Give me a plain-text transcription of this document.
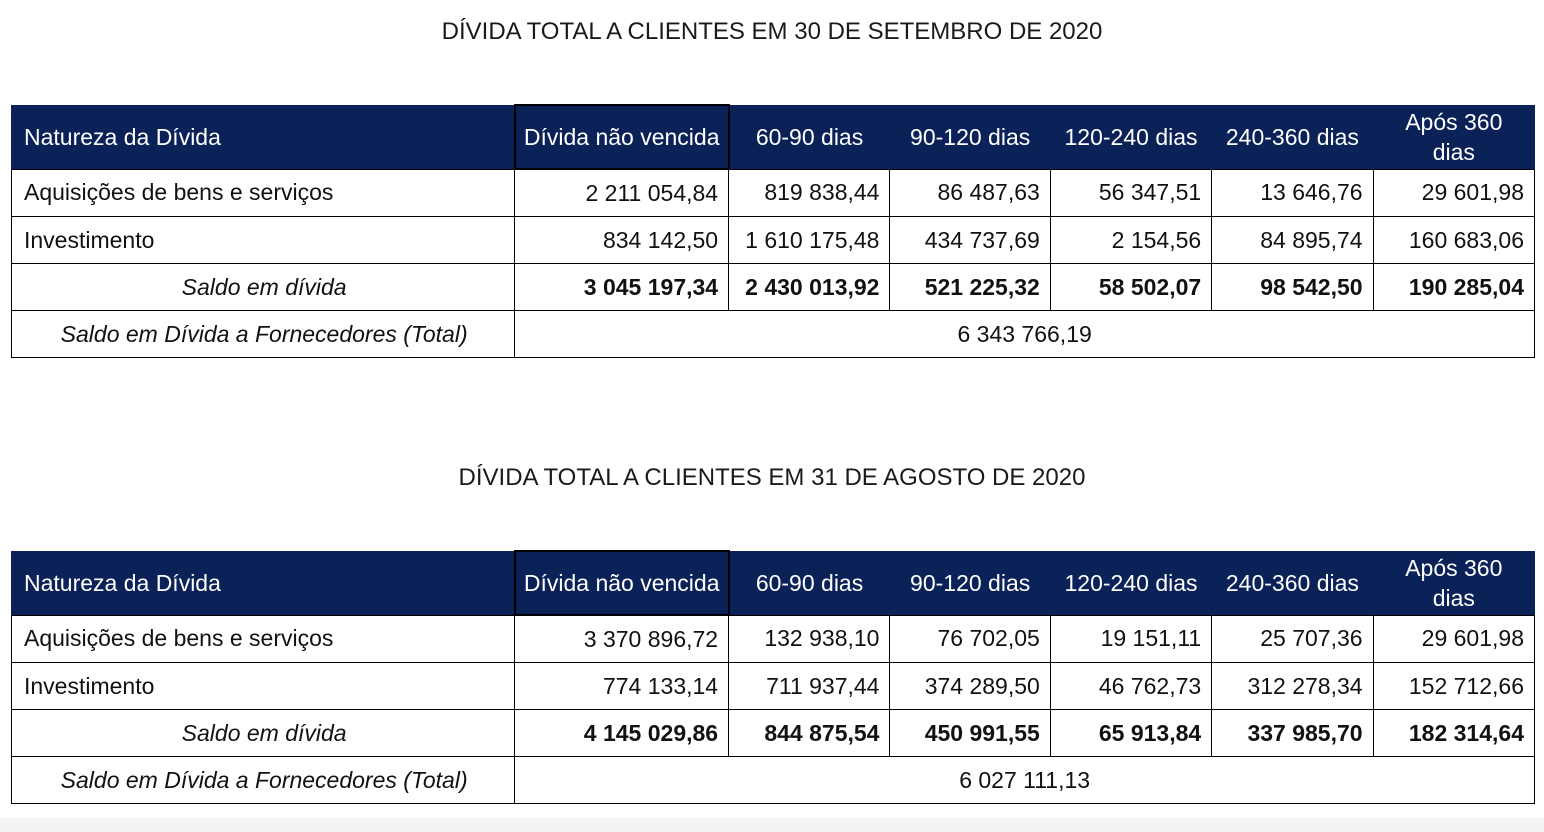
DÍVIDA TOTAL A CLIENTES EM 30 DE SETEMBRO DE 2020
Natureza da Dívida	Dívida não vencida	60-90 dias	90-120 dias	120-240 dias	240-360 dias	Após 360 dias
Aquisições de bens e serviços	2 211 054,84	819 838,44	86 487,63	56 347,51	13 646,76	29 601,98
Investimento	834 142,50	1 610 175,48	434 737,69	2 154,56	84 895,74	160 683,06
Saldo em dívida	3 045 197,34	2 430 013,92	521 225,32	58 502,07	98 542,50	190 285,04
Saldo em Dívida a Fornecedores (Total)	6 343 766,19					
DÍVIDA TOTAL A CLIENTES EM 31 DE AGOSTO DE 2020
Natureza da Dívida	Dívida não vencida	60-90 dias	90-120 dias	120-240 dias	240-360 dias	Após 360 dias
Aquisições de bens e serviços	3 370 896,72	132 938,10	76 702,05	19 151,11	25 707,36	29 601,98
Investimento	774 133,14	711 937,44	374 289,50	46 762,73	312 278,34	152 712,66
Saldo em dívida	4 145 029,86	844 875,54	450 991,55	65 913,84	337 985,70	182 314,64
Saldo em Dívida a Fornecedores (Total)	6 027 111,13					
